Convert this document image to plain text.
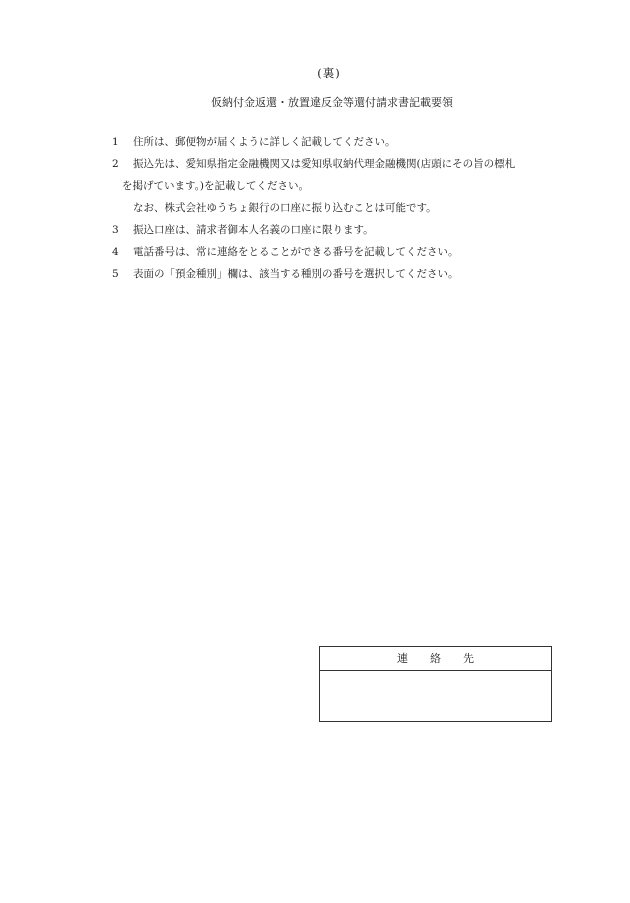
(裏)
仮納付金返還・放置違反金等還付請求書記載要領
1 住所は、郵便物が届くように詳しく記載してください。
2 振込先は、愛知県指定金融機関又は愛知県収納代理金融機関(店頭にその旨の標札
を掲げています。)を記載してください。
なお、株式会社ゆうちょ銀行の口座に振り込むことは可能です。
3 振込口座は、請求者御本人名義の口座に限ります。
4 電話番号は、常に連絡をとることができる番号を記載してください。
5 表面の「預金種別」欄は、該当する種別の番号を選択してください。
連　　絡　　先
